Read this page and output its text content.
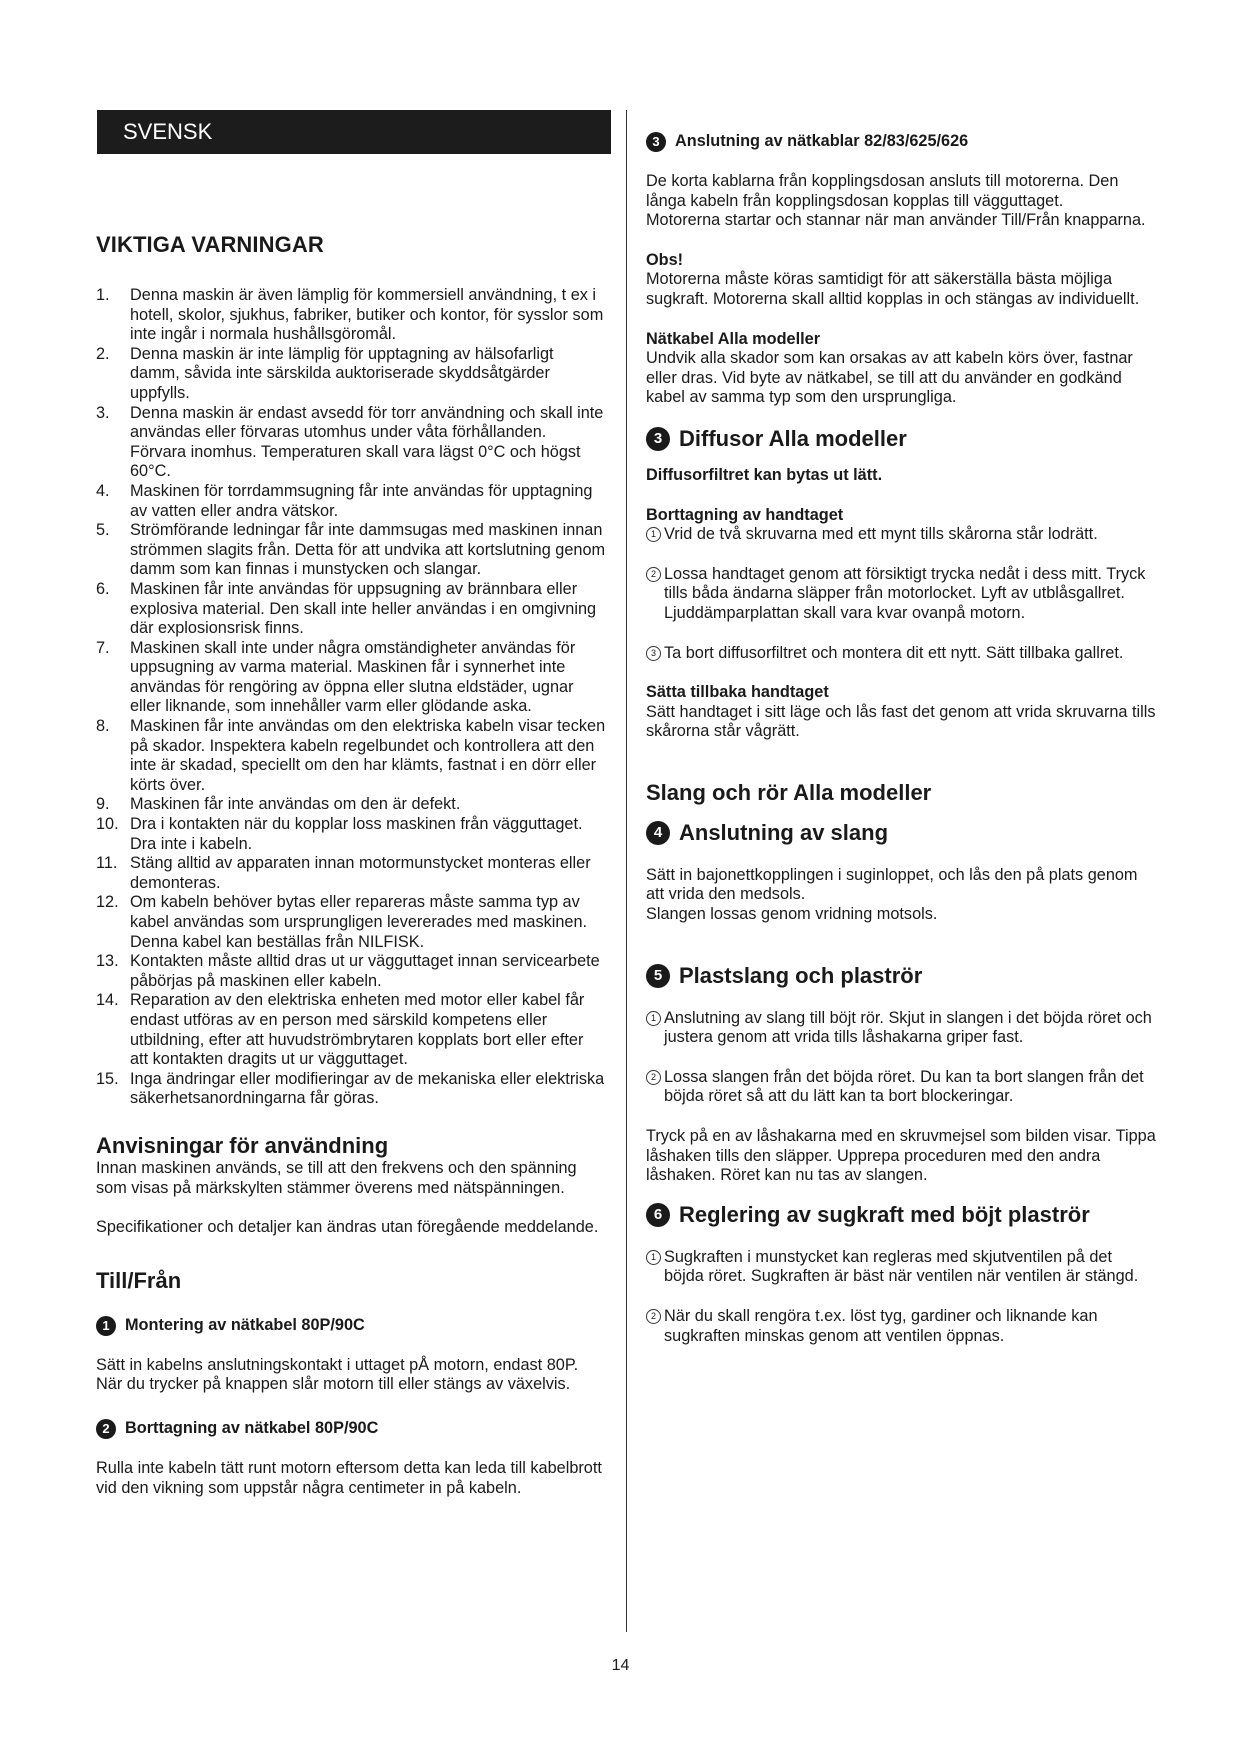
SVENSK
VIKTIGA VARNINGAR
1.	Denna maskin är även lämplig för kommersiell användning, t ex i hotell, skolor, sjukhus, fabriker, butiker och kontor, för sysslor som inte ingår i normala hushållsgöromål.
2.	Denna maskin är inte lämplig för upptagning av hälsofarligt damm, såvida inte särskilda auktoriserade skyddsåtgärder uppfylls.
3.	Denna maskin är endast avsedd för torr användning och skall inte användas eller förvaras utomhus under våta förhållanden. Förvara inomhus. Temperaturen skall vara lägst 0°C och högst 60°C.
4.	Maskinen för torrdammsugning får inte användas för upptagning av vatten eller andra vätskor.
5.	Strömförande ledningar får inte dammsugas med maskinen innan strömmen slagits från. Detta för att undvika att kortslutning genom damm som kan finnas i munstycken och slangar.
6.	Maskinen får inte användas för uppsugning av brännbara eller explosiva material. Den skall inte heller användas i en omgivning där explosionsrisk finns.
7.	Maskinen skall inte under några omständigheter användas för uppsugning av varma material. Maskinen får i synnerhet inte användas för rengöring av öppna eller slutna eldstäder, ugnar eller liknande, som innehåller varm eller glödande aska.
8.	Maskinen får inte användas om den elektriska kabeln visar tecken på skador. Inspektera kabeln regelbundet och kontrollera att den inte är skadad, speciellt om den har klämts, fastnat i en dörr eller körts över.
9.	Maskinen får inte användas om den är defekt.
10. Dra i kontakten när du kopplar loss maskinen från vägguttaget. Dra inte i kabeln.
11. Stäng alltid av apparaten innan motormunstycket monteras eller demonteras.
12. Om kabeln behöver bytas eller repareras måste samma typ av kabel användas som ursprungligen levererades med maskinen. Denna kabel kan beställas från NILFISK.
13. Kontakten måste alltid dras ut ur vägguttaget innan servicearbete påbörjas på maskinen eller kabeln.
14. Reparation av den elektriska enheten med motor eller kabel får endast utföras av en person med särskild kompetens eller utbildning, efter att huvudströmbrytaren kopplats bort eller efter att kontakten dragits ut ur vägguttaget.
15. Inga ändringar eller modifieringar av de mekaniska eller elektriska säkerhetsanordningarna får göras.
Anvisningar för användning

Innan maskinen används, se till att den frekvens och den spänning som visas på märkskylten stämmer överens med nätspänningen.

Specifikationer och detaljer kan ändras utan föregående meddelande.

Till/Från
1 Montering av nätkabel 80P/90C

Sätt in kabelns anslutningskontakt i uttaget pÅ motorn, endast 80P.

När du trycker på knappen slår motorn till eller stängs av växelvis.

2 Borttagning av nätkabel 80P/90C

Rulla inte kabeln tätt runt motorn eftersom detta kan leda till kabelbrott vid den vikning som uppstår några centimeter in på kabeln.

3 Anslutning av nätkablar 82/83/625/626

De korta kablarna från kopplingsdosan ansluts till motorerna. Den långa kabeln från kopplingsdosan kopplas till vägguttaget.

Motorerna startar och stannar när man använder Till/Från knapparna.

Obs!

Motorerna måste köras samtidigt för att säkerställa bästa möjliga sugkraft. Motorerna skall alltid kopplas in och stängas av individuellt.

Nätkabel Alla modeller

Undvik alla skador som kan orsakas av att kabeln körs över, fastnar eller dras. Vid byte av nätkabel, se till att du använder en godkänd kabel av samma typ som den ursprungliga.

3 Diffusor Alla modeller

Diffusorfiltret kan bytas ut lätt.

Borttagning av handtaget

1 Vrid de två skruvarna med ett mynt tills skårorna står lodrätt.
2 Lossa handtaget genom att försiktigt trycka nedåt i dess mitt. Tryck tills båda ändarna släpper från motorlocket. Lyft av utblåsgallret. Ljuddämparplattan skall vara kvar ovanpå motorn.
3 Ta bort diffusorfiltret och montera dit ett nytt. Sätt tillbaka gallret.

Sätta tillbaka handtaget

Sätt handtaget i sitt läge och lås fast det genom att vrida skruvarna tills skårorna står vågrätt.

Slang och rör Alla modeller
4 Anslutning av slang

Sätt in bajonettkopplingen i suginloppet, och lås den på plats genom att vrida den medsols.

Slangen lossas genom vridning motsols.

5 Plastslang och plaströr
1 Anslutning av slang till böjt rör. Skjut in slangen i det böjda röret och justera genom att vrida tills låshakarna griper fast.
2 Lossa slangen från det böjda röret. Du kan ta bort slangen från det böjda röret så att du lätt kan ta bort blockeringar.

Tryck på en av låshakarna med en skruvmejsel som bilden visar. Tippa låshaken tills den släpper. Upprepa proceduren med den andra låshaken. Röret kan nu tas av slangen.

6 Reglering av sugkraft med böjt plaströr
1 Sugkraften i munstycket kan regleras med skjutventilen på det böjda röret. Sugkraften är bäst när ventilen när ventilen är stängd.
2 När du skall rengöra t.ex. löst tyg, gardiner och liknande kan sugkraften minskas genom att ventilen öppnas.
14
